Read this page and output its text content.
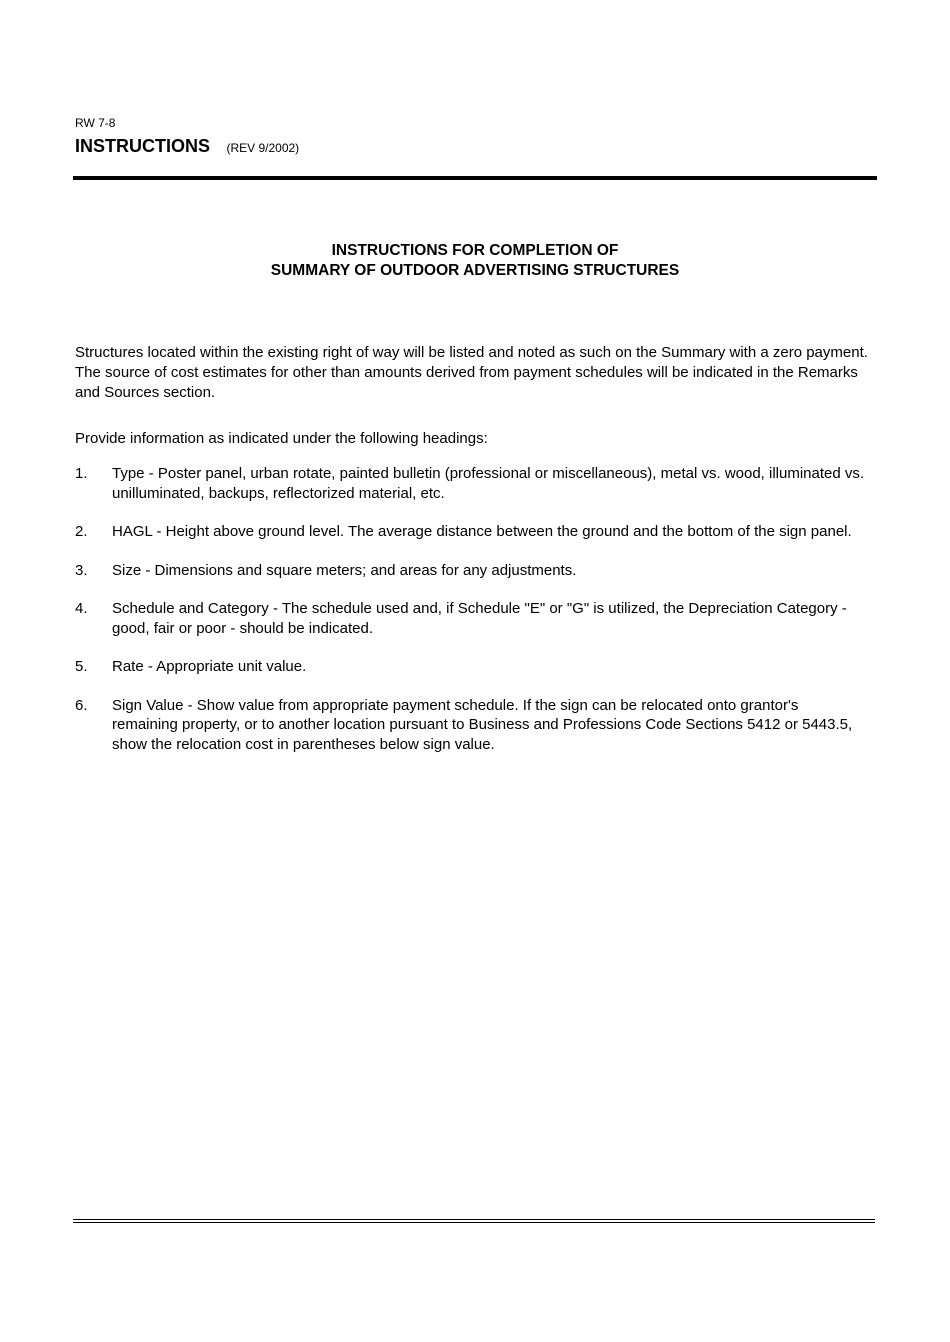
RW 7-8
INSTRUCTIONS (REV 9/2002)
INSTRUCTIONS FOR COMPLETION OF
SUMMARY OF OUTDOOR ADVERTISING STRUCTURES
Structures located within the existing right of way will be listed and noted as such on the Summary with a zero payment. The source of cost estimates for other than amounts derived from payment schedules will be indicated in the Remarks and Sources section.
Provide information as indicated under the following headings:
1.	Type - Poster panel, urban rotate, painted bulletin (professional or miscellaneous), metal vs. wood, illuminated vs. unilluminated, backups, reflectorized material, etc.
2.	HAGL - Height above ground level. The average distance between the ground and the bottom of the sign panel.
3.	Size - Dimensions and square meters; and areas for any adjustments.
4.	Schedule and Category - The schedule used and, if Schedule "E" or "G" is utilized, the Depreciation Category - good, fair or poor - should be indicated.
5.	Rate - Appropriate unit value.
6.	Sign Value - Show value from appropriate payment schedule. If the sign can be relocated onto grantor's remaining property, or to another location pursuant to Business and Professions Code Sections 5412 or 5443.5, show the relocation cost in parentheses below sign value.
